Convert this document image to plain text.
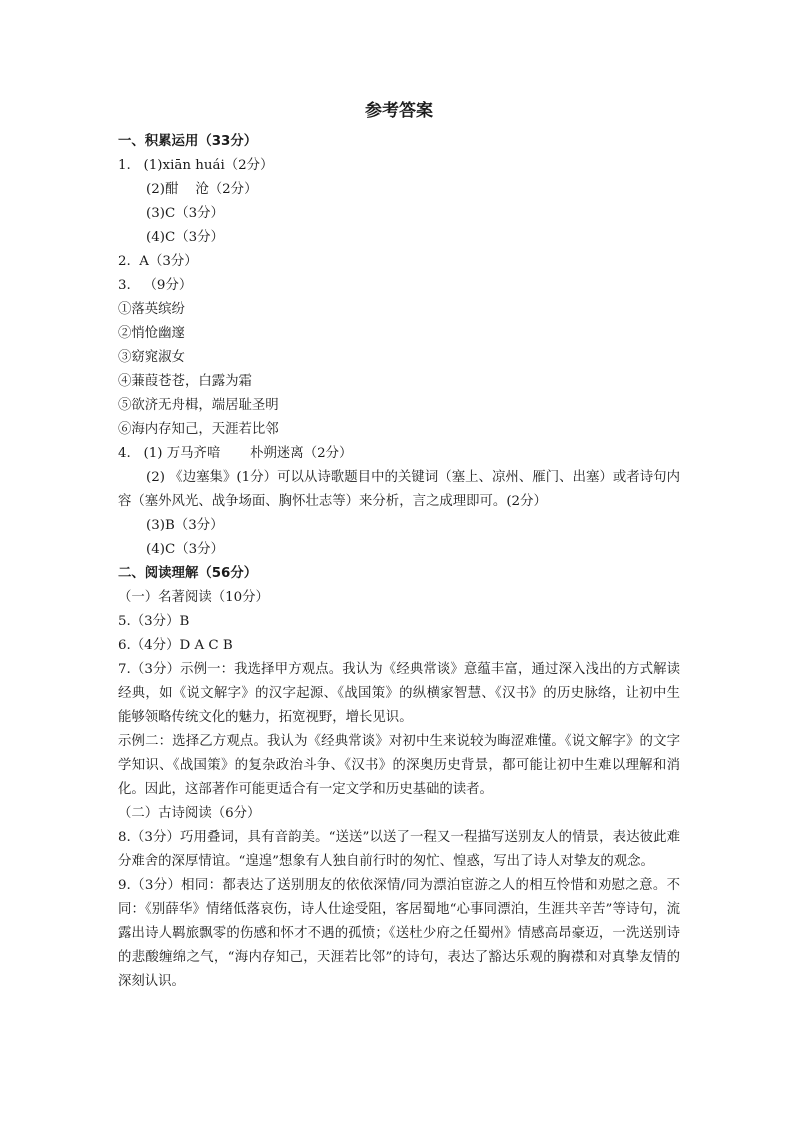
参考答案
一、积累运用（33分）
1.   (1)xiān huái（2分）
(2)酣    沧（2分）
(3)C（3分）
(4)C（3分）
2.  A（3分）
3.   （9分）
①落英缤纷
②悄怆幽邃
③窈窕淑女
④蒹葭苍苍，白露为霜
⑤欲济无舟楫，端居耻圣明
⑥海内存知己，天涯若比邻
4.   (1) 万马齐喑       朴朔迷离（2分）
(2) 《边塞集》(1分）可以从诗歌题目中的关键词（塞上、凉州、雁门、出塞）或者诗句内容（塞外风光、战争场面、胸怀壮志等）来分析，言之成理即可。(2分）
(3)B（3分）
(4)C（3分）
二、阅读理解（56分）
（一）名著阅读（10分）
5.（3分）B
6.（4分）D A C B
7.（3分）示例一：我选择甲方观点。我认为《经典常谈》意蕴丰富，通过深入浅出的方式解读经典，如《说文解字》的汉字起源、《战国策》的纵横家智慧、《汉书》的历史脉络，让初中生能够领略传统文化的魅力，拓宽视野，增长见识。
示例二：选择乙方观点。我认为《经典常谈》对初中生来说较为晦涩难懂。《说文解字》的文字学知识、《战国策》的复杂政治斗争、《汉书》的深奥历史背景，都可能让初中生难以理解和消化。因此，这部著作可能更适合有一定文学和历史基础的读者。
（二）古诗阅读（6分）
8.（3分）巧用叠词，具有音韵美。“送送”以送了一程又一程描写送别友人的情景，表达彼此难分难舍的深厚情谊。“遑遑”想象有人独自前行时的匆忙、惶惑，写出了诗人对挚友的观念。
9.（3分）相同：都表达了送别朋友的依依深情/同为漂泊宦游之人的相互怜惜和劝慰之意。不同：《别薛华》情绪低落哀伤，诗人仕途受阻，客居蜀地“心事同漂泊，生涯共辛苦”等诗句，流露出诗人羁旅飘零的伤感和怀才不遇的孤愤；《送杜少府之任蜀州》情感高昂豪迈，一洗送别诗的悲酸缠绵之气，“海内存知己，天涯若比邻”的诗句，表达了豁达乐观的胸襟和对真挚友情的深刻认识。
